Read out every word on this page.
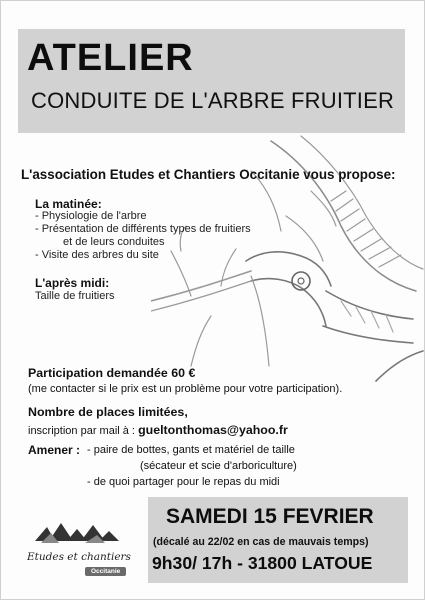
ATELIER
CONDUITE DE L'ARBRE FRUITIER
L'association Etudes et Chantiers Occitanie vous propose:
La matinée:
- Physiologie de l'arbre
- Présentation de différents types de fruitiers
et de leurs conduites
- Visite des arbres du site
L'après midi:
Taille de fruitiers
Participation demandée 60 €
(me contacter si le prix est un problème pour votre participation).
Nombre de places limitées,
inscription par mail à : gueltonthomas@yahoo.fr
Amener : - paire de bottes, gants et matériel de taille
(sécateur et scie d'arboriculture)
- de quoi partager pour le repas du midi
Etudes et chantiers
Occitanie
SAMEDI 15 FEVRIER
(décalé au 22/02 en cas de mauvais temps)
9h30/ 17h - 31800 LATOUE
